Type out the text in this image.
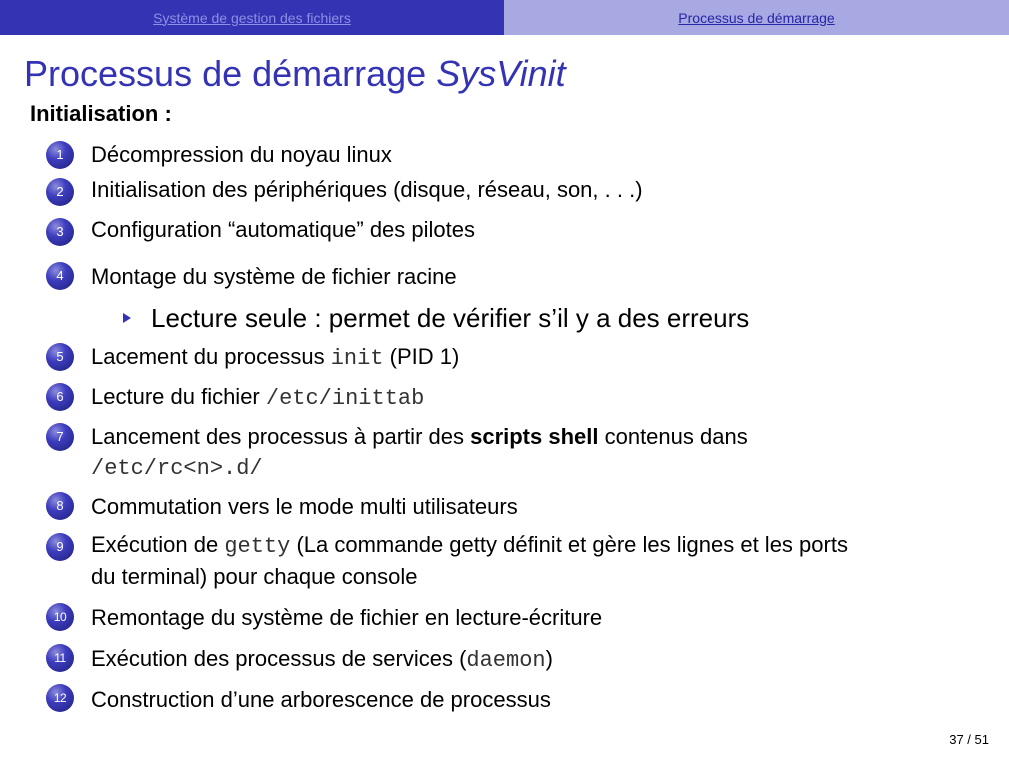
Système de gestion des fichiers	Processus de démarrage
Processus de démarrage SysVinit
Initialisation :
1	Décompression du noyau linux
2	Initialisation des périphériques (disque, réseau, son, . . .)
3	Configuration “automatique” des pilotes
4	Montage du système de fichier racine
Lecture seule : permet de vérifier s’il y a des erreurs
5	Lacement du processus init (PID 1)
6	Lecture du fichier /etc/inittab
7	Lancement des processus à partir des scripts shell contenus dans
/etc/rc<n>.d/
8	Commutation vers le mode multi utilisateurs
9	Exécution de getty (La commande getty définit et gère les lignes et les ports
du terminal) pour chaque console
10	Remontage du système de fichier en lecture-écriture
11	Exécution des processus de services (daemon)
12	Construction d’une arborescence de processus
37 / 51
